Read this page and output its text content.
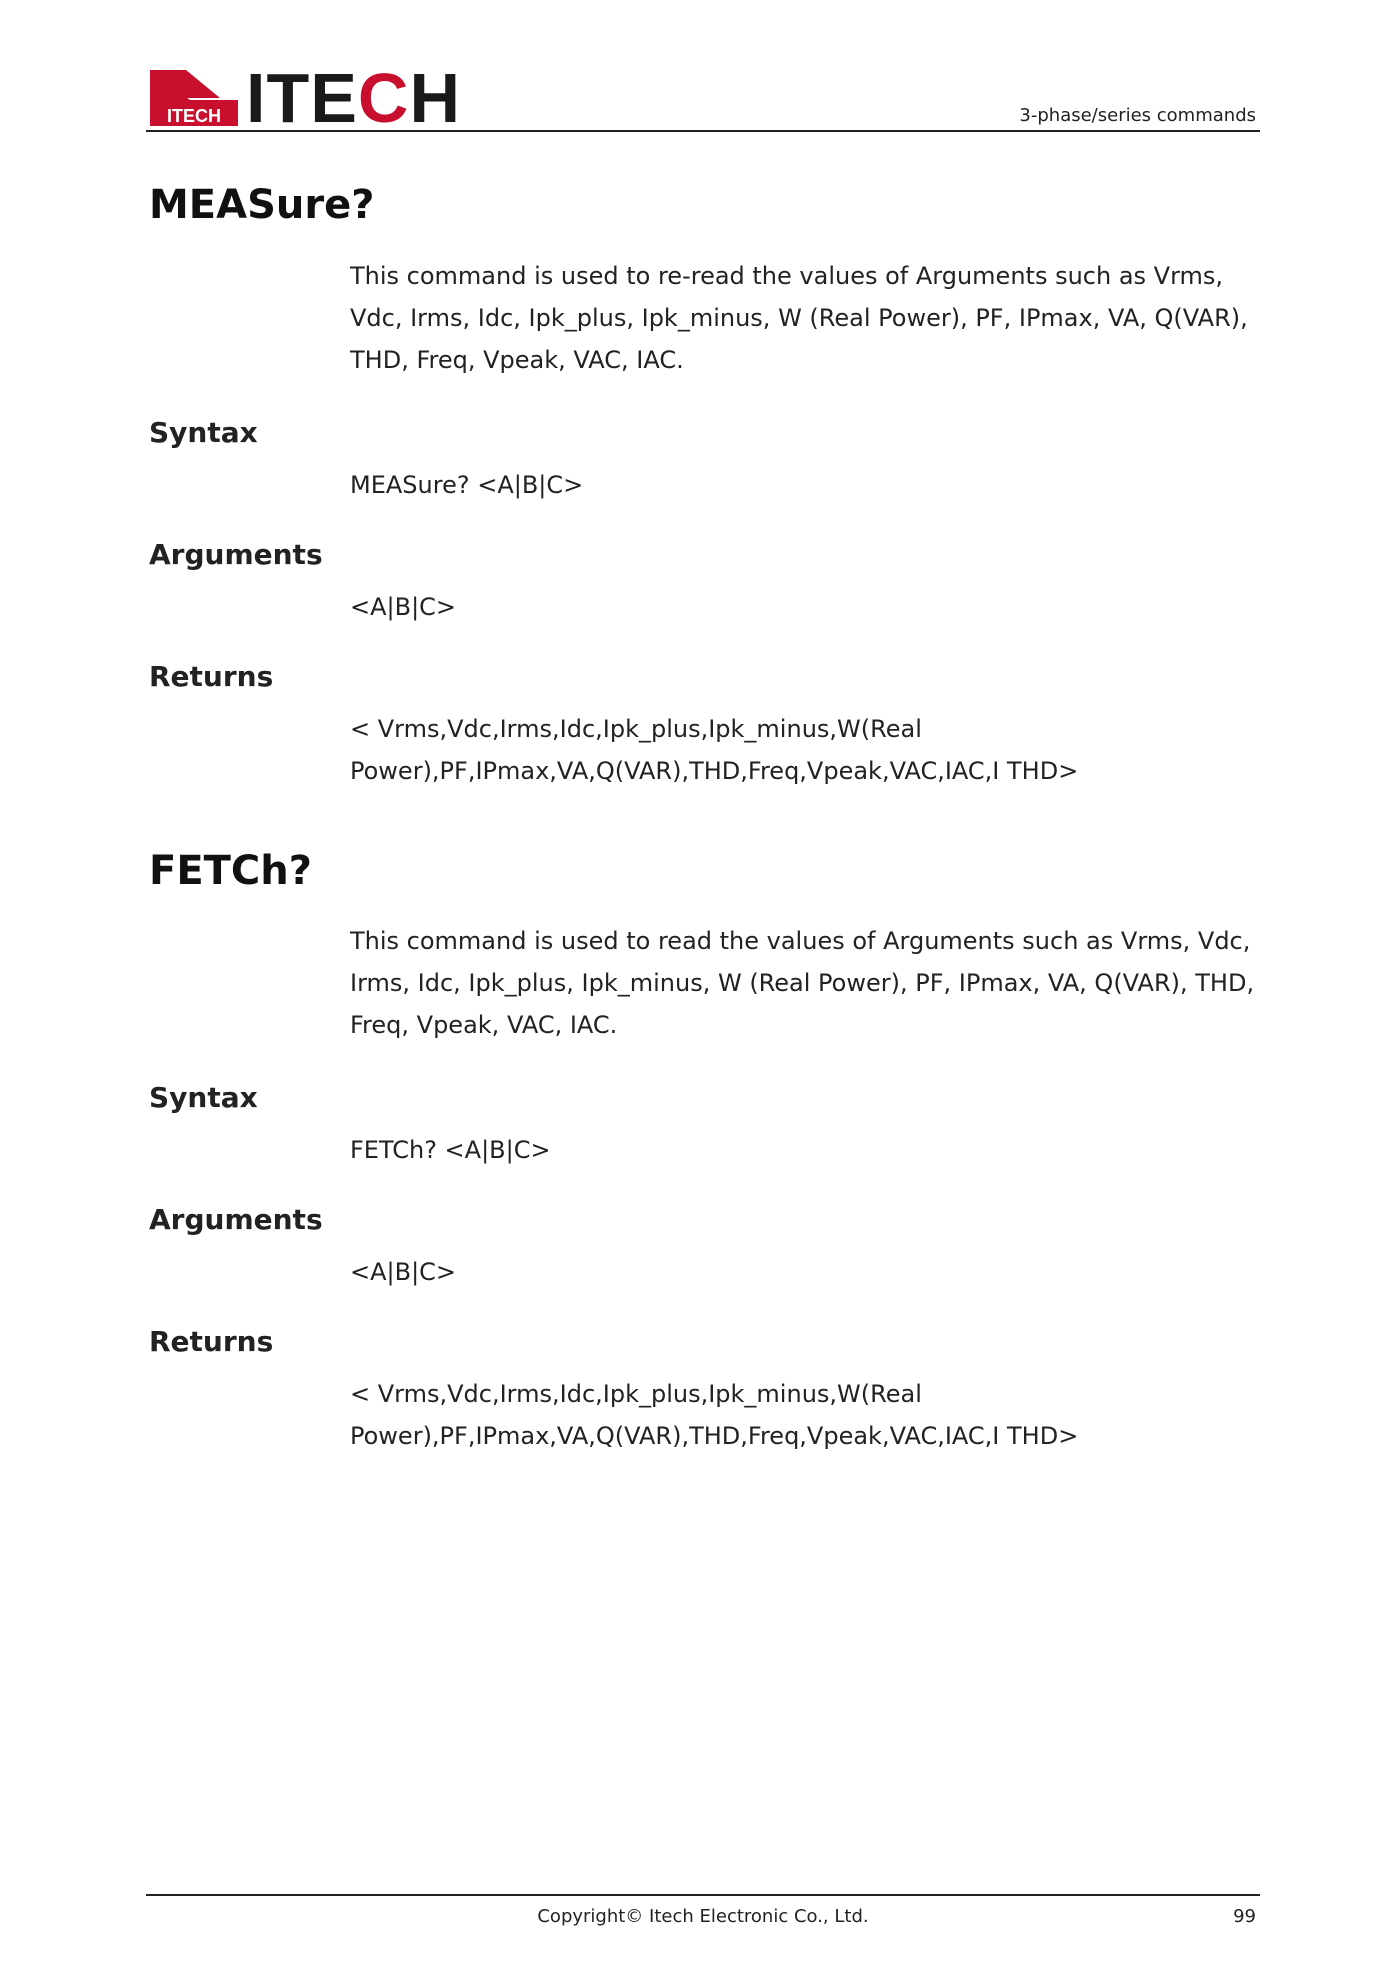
ITECH ITECH	3-phase/series commands
MEASure?

This command is used to re-read the values of Arguments such as Vrms, Vdc, Irms, Idc, Ipk_plus, Ipk_minus, W (Real Power), PF, IPmax, VA, Q(VAR), THD, Freq, Vpeak, VAC, IAC.

Syntax

MEASure? <A|B|C>

Arguments

<A|B|C>

Returns

< Vrms,Vdc,Irms,Idc,Ipk_plus,Ipk_minus,W(Real Power),PF,IPmax,VA,Q(VAR),THD,Freq,Vpeak,VAC,IAC,I THD>

FETCh?

This command is used to read the values of Arguments such as Vrms, Vdc, Irms, Idc, Ipk_plus, Ipk_minus, W (Real Power), PF, IPmax, VA, Q(VAR), THD, Freq, Vpeak, VAC, IAC.

Syntax

FETCh? <A|B|C>

Arguments

<A|B|C>

Returns

< Vrms,Vdc,Irms,Idc,Ipk_plus,Ipk_minus,W(Real Power),PF,IPmax,VA,Q(VAR),THD,Freq,Vpeak,VAC,IAC,I THD>

Copyright© Itech Electronic Co., Ltd.	99
